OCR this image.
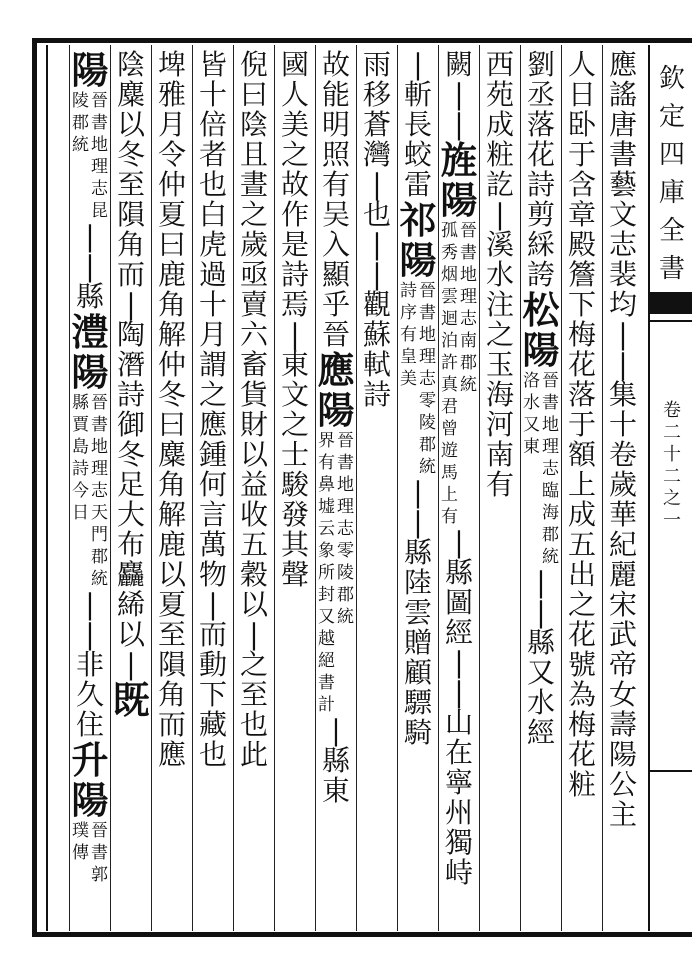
欽
定
四
庫
全
書
卷
二
十
二
之
一
應
謠
唐
書
藝
文
志
裴
均
|
|
集
十
卷
歲
華
紀
麗
宋
武
帝
女
壽
陽
公
主
人
日
卧
于
含
章
殿
簷
下
梅
花
落
于
額
上
成
五
出
之
花
號
為
梅
花
粧
劉
丞
落
花
詩
剪
綵
誇
松
陽
晉
書
地
理
志
臨
海
郡
統
洛
水
又
東
|
|
縣
又
水
經
西
苑
成
粧
訖
|
溪
水
注
之
玉
海
河
南
有
闕
|
|
旌
陽
晉
書
地
理
志
南
郡
統
孤
秀
烟
雲
迴
泊
許
真
君
曾
遊
馬
上
有
|
縣
圖
經
|
|
山
在
寧
州
獨
峙
|
斬
長
蛟
雷
祁
陽
晉
書
地
理
志
零
陵
郡
統
詩
序
有
皇
美
|
|
縣
陸
雲
贈
顧
驃
騎
雨
移
蒼
灣
|
也
|
|
觀
蘇
軾
詩
故
能
明
照
有
吴
入
顯
乎
晉
應
陽
晉
書
地
理
志
零
陵
郡
統
界
有
鼻
墟
云
象
所
封
又
越
絕
書
計
|
縣
東
國
人
美
之
故
作
是
詩
焉
|
東
文
之
士
駿
發
其
聲
倪
曰
陰
且
晝
之
歲
亟
賣
六
畜
貨
財
以
益
收
五
穀
以
|
之
至
也
此
皆
十
倍
者
也
白
虎
過
十
月
謂
之
應
鍾
何
言
萬
物
|
而
動
下
藏
也
埤
雅
月
令
仲
夏
曰
鹿
角
解
仲
冬
曰
麋
角
解
鹿
以
夏
至
隕
角
而
應
陰
麋
以
冬
至
隕
角
而
|
陶
潛
詩
御
冬
足
大
布
麤
絺
以
|
既
陽
晉
書
地
理
志
昆
陵
郡
統
|
|
縣
澧
陽
晉
書
地
理
志
天
門
郡
統
縣
賈
島
詩
今
日
|
|
非
久
住
升
陽
晉
書
郭
璞
傳
